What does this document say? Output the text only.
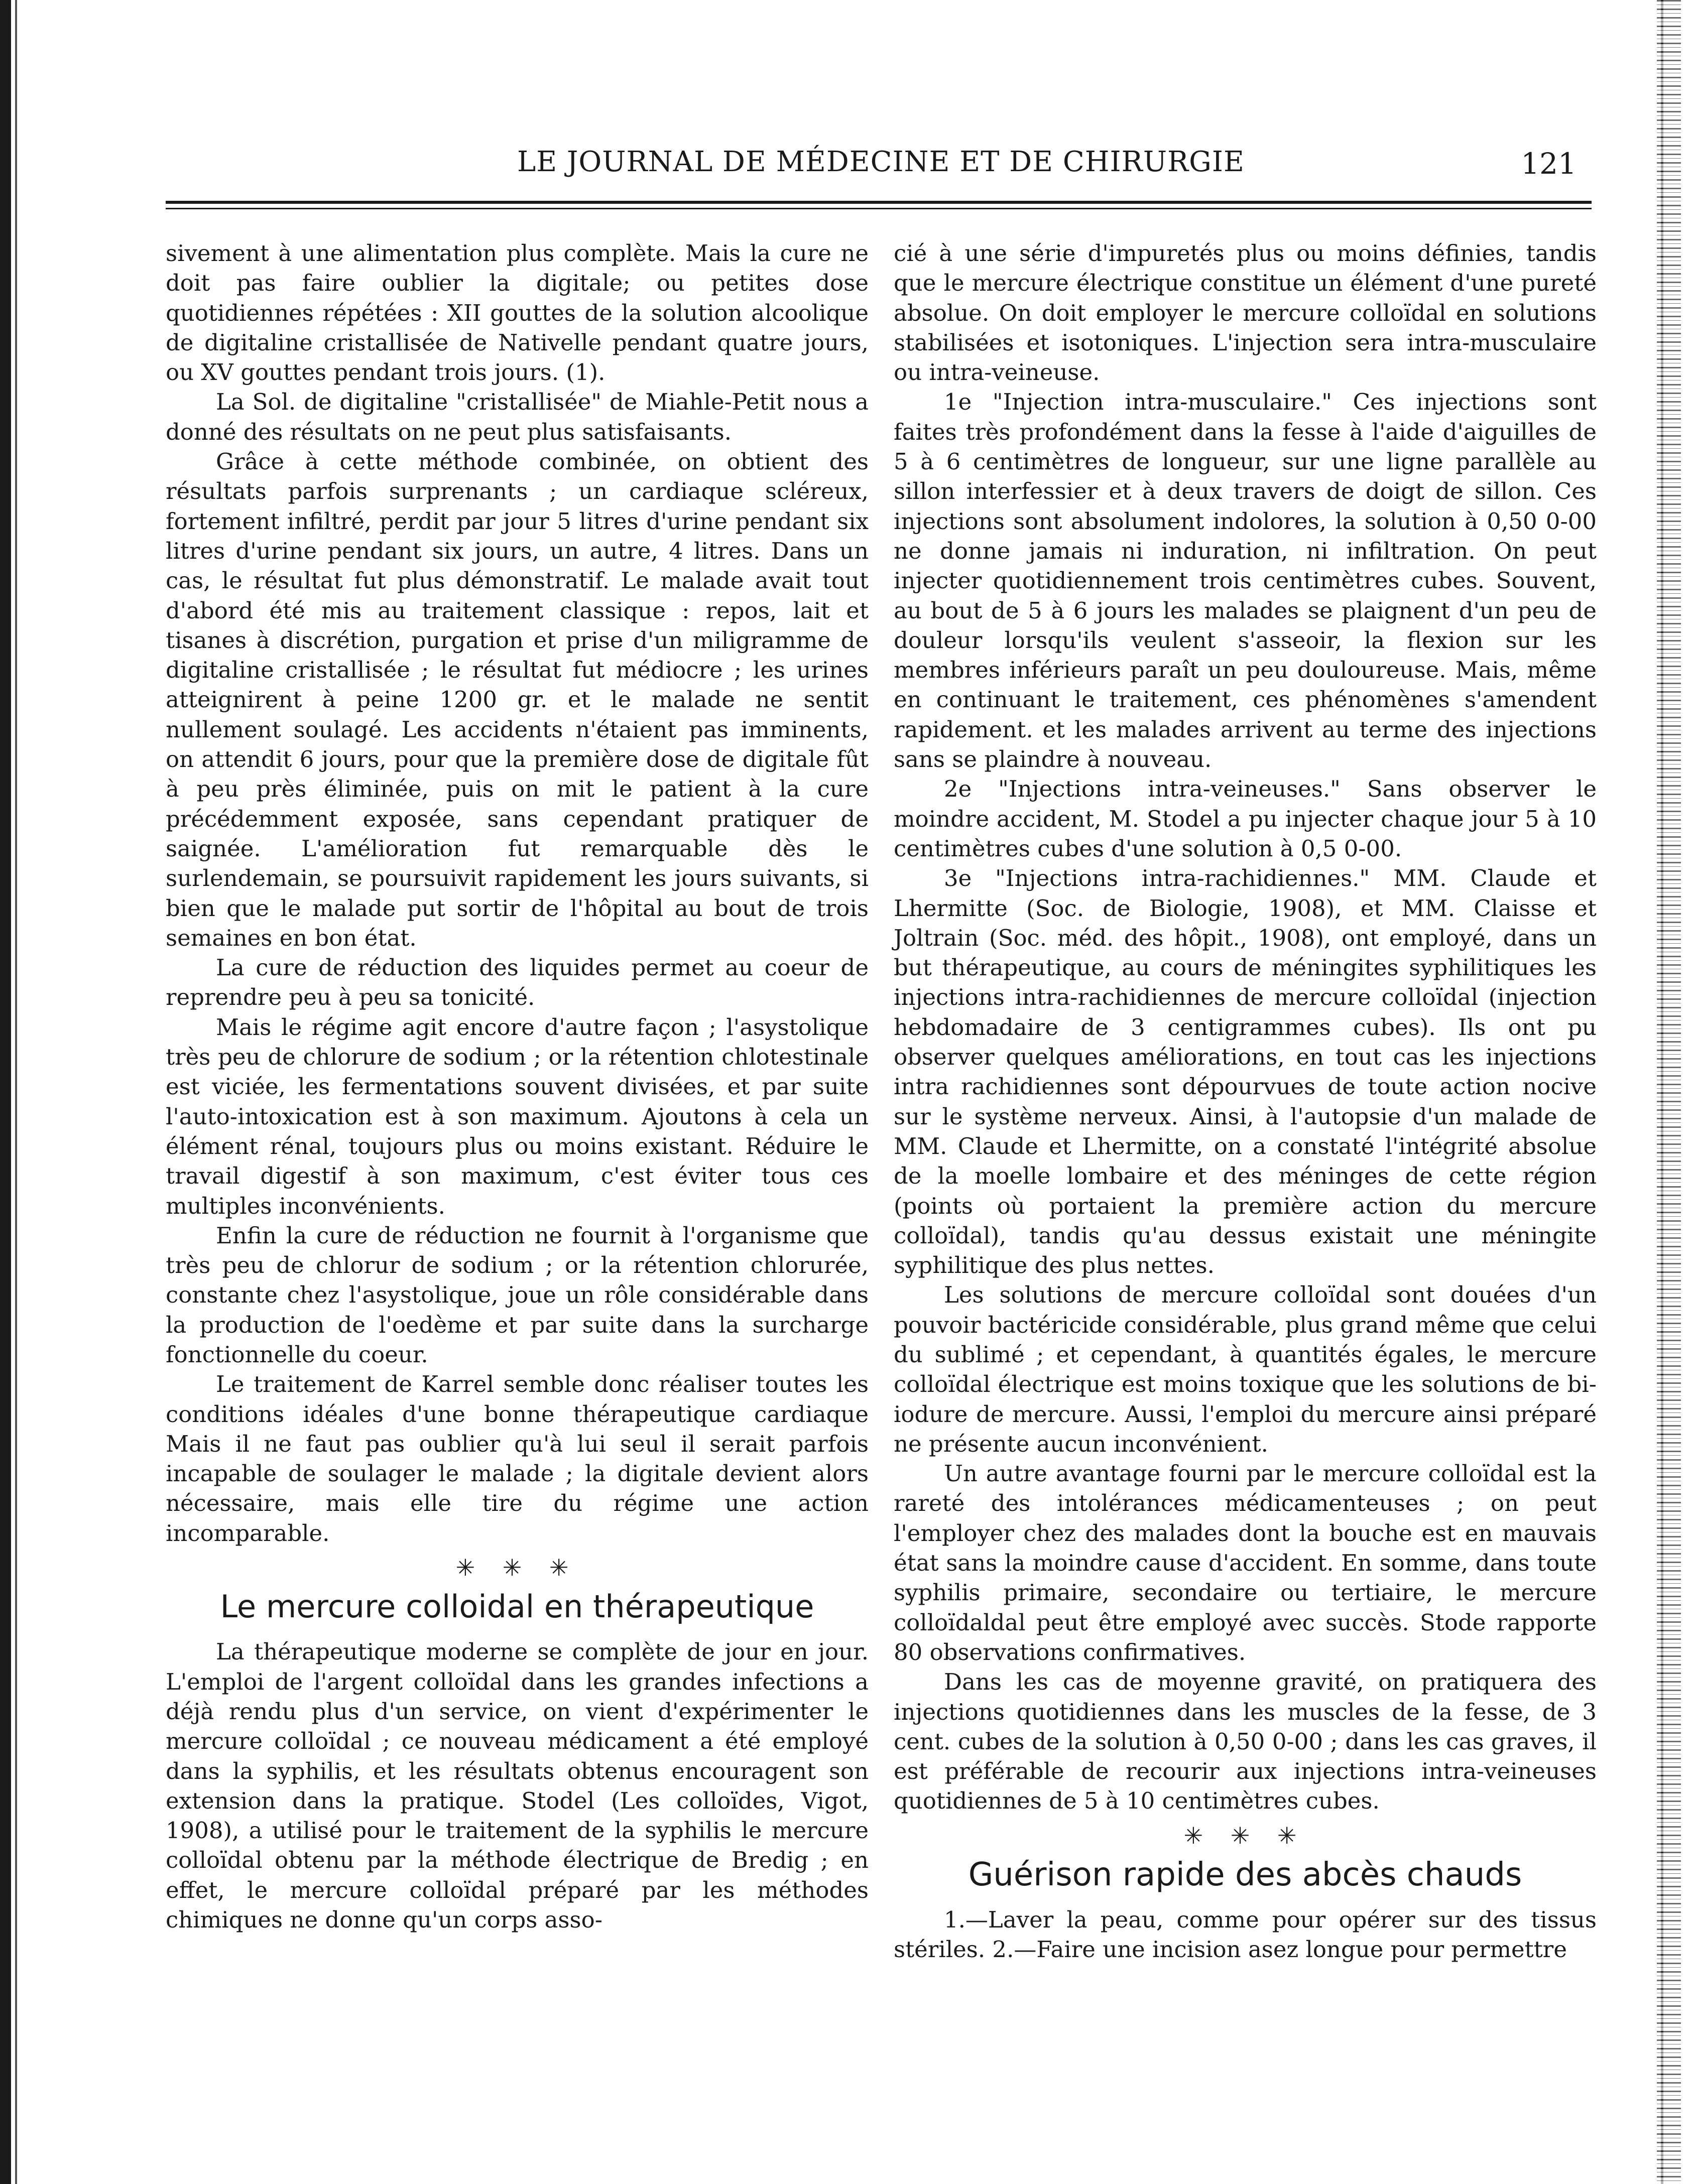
LE JOURNAL DE MÉDECINE ET DE CHIRURGIE	121

sivement à une alimentation plus complète. Mais la cure ne doit pas faire oublier la digitale; ou petites dose quotidiennes répétées : XII gouttes de la solution alcoolique de digitaline cristallisée de Nativelle pendant quatre jours, ou XV gouttes pendant trois jours. (1).

La Sol. de digitaline "cristallisée" de Miahle-Petit nous a donné des résultats on ne peut plus satisfaisants.

Grâce à cette méthode combinée, on obtient des résultats parfois surprenants ; un cardiaque scléreux, fortement infiltré, perdit par jour 5 litres d'urine pendant six litres d'urine pendant six jours, un autre, 4 litres. Dans un cas, le résultat fut plus démonstratif. Le malade avait tout d'abord été mis au traitement classique : repos, lait et tisanes à discrétion, purgation et prise d'un miligramme de digitaline cristallisée ; le résultat fut médiocre ; les urines atteignirent à peine 1200 gr. et le malade ne sentit nullement soulagé. Les accidents n'étaient pas imminents, on attendit 6 jours, pour que la première dose de digitale fût à peu près éliminée, puis on mit le patient à la cure précédemment exposée, sans cependant pratiquer de saignée. L'amélioration fut remarquable dès le surlendemain, se poursuivit rapidement les jours suivants, si bien que le malade put sortir de l'hôpital au bout de trois semaines en bon état.

La cure de réduction des liquides permet au coeur de reprendre peu à peu sa tonicité.

Mais le régime agit encore d'autre façon ; l'asystolique très peu de chlorure de sodium ; or la rétention chlotestinale est viciée, les fermentations souvent divisées, et par suite l'auto-intoxication est à son maximum. Ajoutons à cela un élément rénal, toujours plus ou moins existant. Réduire le travail digestif à son maximum, c'est éviter tous ces multiples inconvénients.

Enfin la cure de réduction ne fournit à l'organisme que très peu de chlorur de sodium ; or la rétention chlorurée, constante chez l'asystolique, joue un rôle considérable dans la production de l'oedème et par suite dans la surcharge fonctionnelle du coeur.

Le traitement de Karrel semble donc réaliser toutes les conditions idéales d'une bonne thérapeutique cardiaque Mais il ne faut pas oublier qu'à lui seul il serait parfois incapable de soulager le malade ; la digitale devient alors nécessaire, mais elle tire du régime une action incomparable.

✳ ✳ ✳
Le mercure colloidal en thérapeutique

La thérapeutique moderne se complète de jour en jour. L'emploi de l'argent colloïdal dans les grandes infections a déjà rendu plus d'un service, on vient d'expérimenter le mercure colloïdal ; ce nouveau médicament a été employé dans la syphilis, et les résultats obtenus encouragent son extension dans la pratique. Stodel (Les colloïdes, Vigot, 1908), a utilisé pour le traitement de la syphilis le mercure colloïdal obtenu par la méthode électrique de Bredig ; en effet, le mercure colloïdal préparé par les méthodes chimiques ne donne qu'un corps asso-

cié à une série d'impuretés plus ou moins définies, tandis que le mercure électrique constitue un élément d'une pureté absolue. On doit employer le mercure colloïdal en solutions stabilisées et isotoniques. L'injection sera intra-musculaire ou intra-veineuse.

1e "Injection intra-musculaire." Ces injections sont faites très profondément dans la fesse à l'aide d'aiguilles de 5 à 6 centimètres de longueur, sur une ligne parallèle au sillon interfessier et à deux travers de doigt de sillon. Ces injections sont absolument indolores, la solution à 0,50 0-00 ne donne jamais ni induration, ni infiltration. On peut injecter quotidiennement trois centimètres cubes. Souvent, au bout de 5 à 6 jours les malades se plaignent d'un peu de douleur lorsqu'ils veulent s'asseoir, la flexion sur les membres inférieurs paraît un peu douloureuse. Mais, même en continuant le traitement, ces phénomènes s'amendent rapidement. et les malades arrivent au terme des injections sans se plaindre à nouveau.

2e "Injections intra-veineuses." Sans observer le moindre accident, M. Stodel a pu injecter chaque jour 5 à 10 centimètres cubes d'une solution à 0,5 0-00.

3e "Injections intra-rachidiennes." MM. Claude et Lhermitte (Soc. de Biologie, 1908), et MM. Claisse et Joltrain (Soc. méd. des hôpit., 1908), ont employé, dans un but thérapeutique, au cours de méningites syphilitiques les injections intra-rachidiennes de mercure colloïdal (injection hebdomadaire de 3 centigrammes cubes). Ils ont pu observer quelques améliorations, en tout cas les injections intra rachidiennes sont dépourvues de toute action nocive sur le système nerveux. Ainsi, à l'autopsie d'un malade de MM. Claude et Lhermitte, on a constaté l'intégrité absolue de la moelle lombaire et des méninges de cette région (points où portaient la première action du mercure colloïdal), tandis qu'au dessus existait une méningite syphilitique des plus nettes.

Les solutions de mercure colloïdal sont douées d'un pouvoir bactéricide considérable, plus grand même que celui du sublimé ; et cependant, à quantités égales, le mercure colloïdal électrique est moins toxique que les solutions de bi-iodure de mercure. Aussi, l'emploi du mercure ainsi préparé ne présente aucun inconvénient.

Un autre avantage fourni par le mercure colloïdal est la rareté des intolérances médicamenteuses ; on peut l'employer chez des malades dont la bouche est en mauvais état sans la moindre cause d'accident. En somme, dans toute syphilis primaire, secondaire ou tertiaire, le mercure colloïdaldal peut être employé avec succès. Stode rapporte 80 observations confirmatives.

Dans les cas de moyenne gravité, on pratiquera des injections quotidiennes dans les muscles de la fesse, de 3 cent. cubes de la solution à 0,50 0-00 ; dans les cas graves, il est préférable de recourir aux injections intra-veineuses quotidiennes de 5 à 10 centimètres cubes.

✳ ✳ ✳
Guérison rapide des abcès chauds

1.—Laver la peau, comme pour opérer sur des tissus stériles. 2.—Faire une incision asez longue pour permettre
